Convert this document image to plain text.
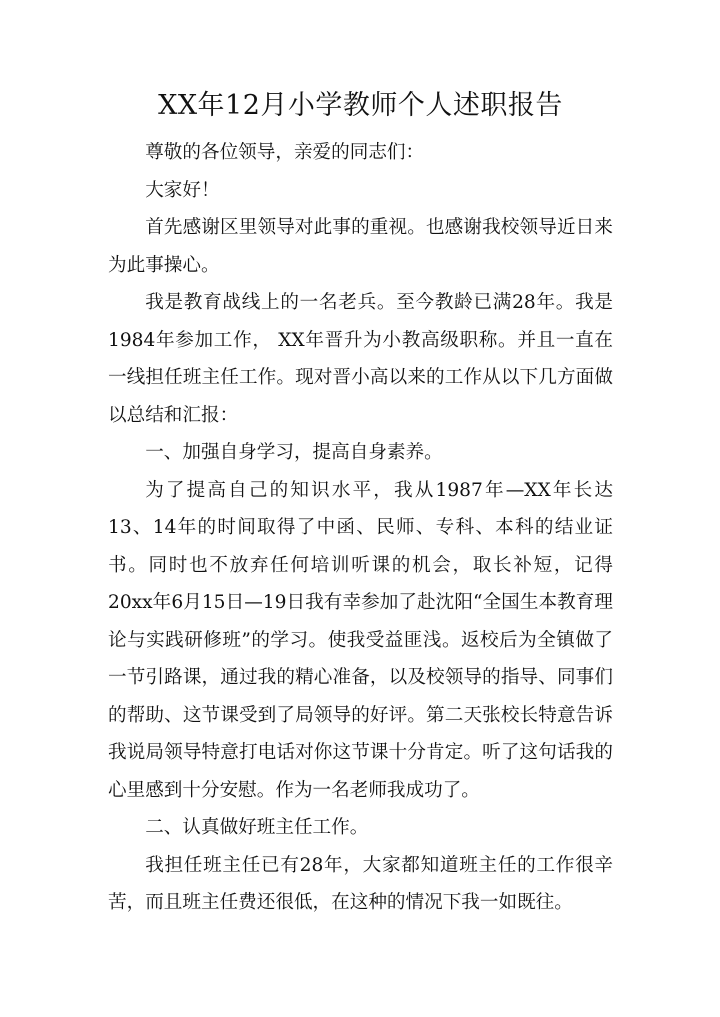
XX年12月小学教师个人述职报告

尊敬的各位领导，亲爱的同志们：

大家好！

首先感谢区里领导对此事的重视。也感谢我校领导近日来为此事操心。

我是教育战线上的一名老兵。至今教龄已满28年。我是1984年参加工作， XX年晋升为小教高级职称。并且一直在一线担任班主任工作。现对晋小高以来的工作从以下几方面做以总结和汇报：

一、加强自身学习，提高自身素养。

为了提高自己的知识水平，我从1987年—XX年长达13、14年的时间取得了中函、民师、专科、本科的结业证书。同时也不放弃任何培训听课的机会，取长补短，记得20xx年6月15日—19日我有幸参加了赴沈阳“全国生本教育理论与实践研修班”的学习。使我受益匪浅。返校后为全镇做了一节引路课，通过我的精心准备，以及校领导的指导、同事们的帮助、这节课受到了局领导的好评。第二天张校长特意告诉我说局领导特意打电话对你这节课十分肯定。听了这句话我的心里感到十分安慰。作为一名老师我成功了。

二、认真做好班主任工作。

我担任班主任已有28年，大家都知道班主任的工作很辛苦，而且班主任费还很低，在这种的情况下我一如既往。
